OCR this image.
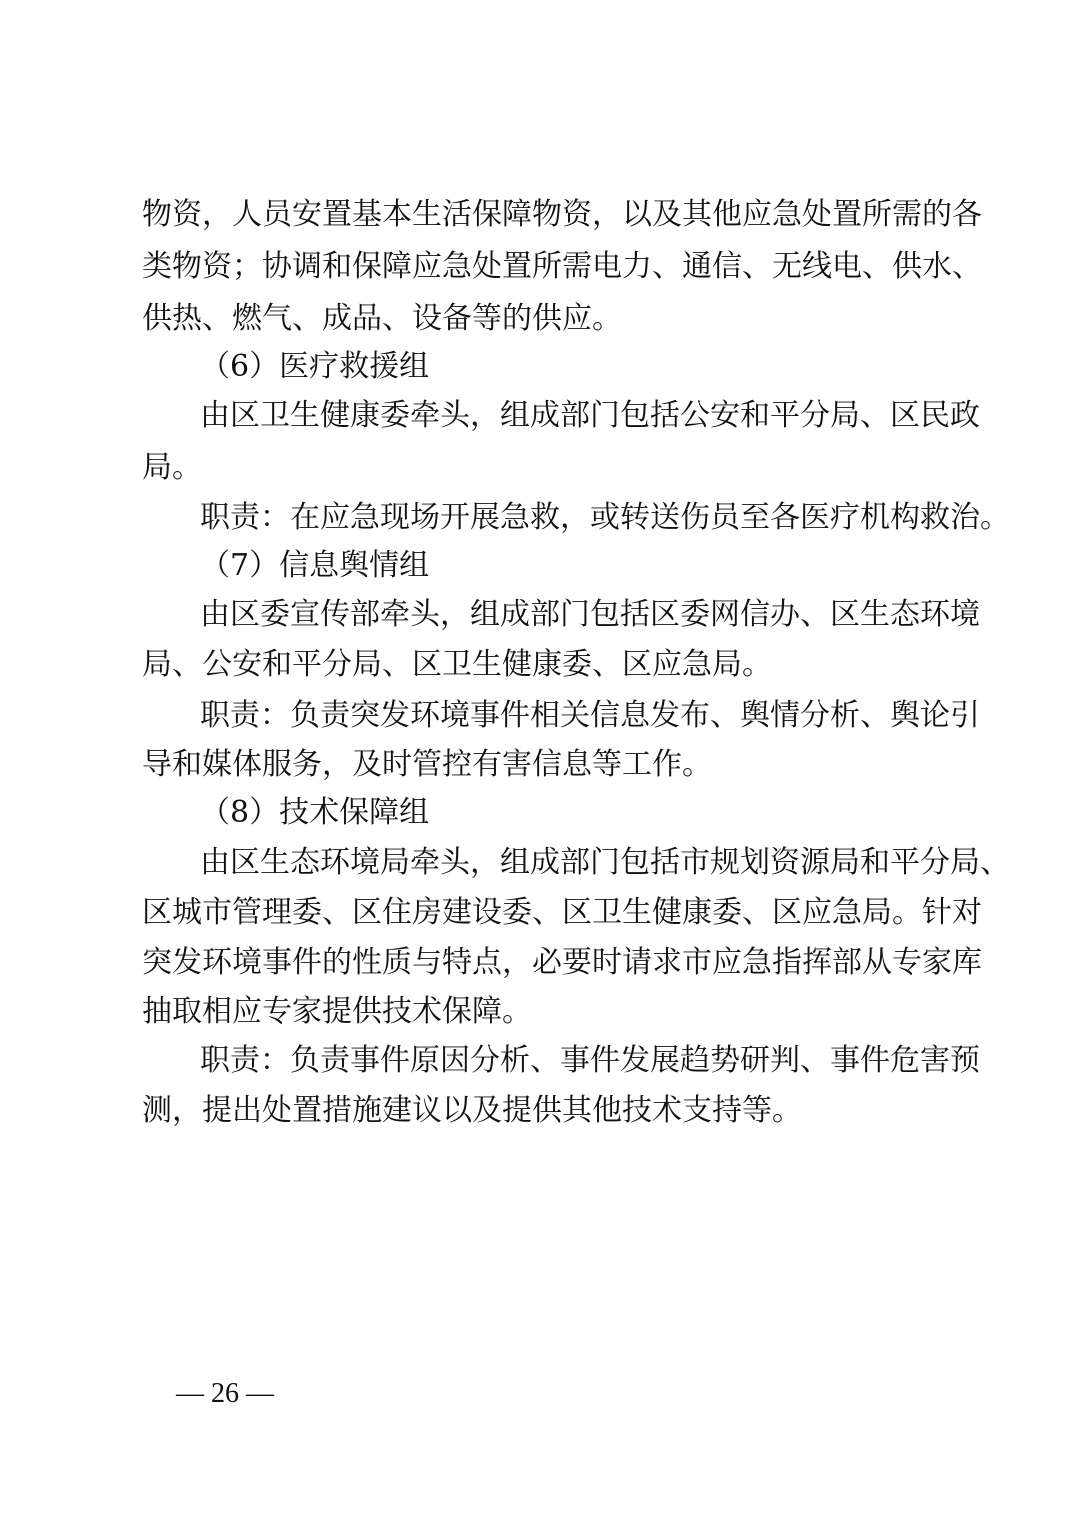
物资，人员安置基本生活保障物资，以及其他应急处置所需的各
类物资；协调和保障应急处置所需电力、通信、无线电、供水、
供热、燃气、成品、设备等的供应。
（6）医疗救援组
由区卫生健康委牵头，组成部门包括公安和平分局、区民政
局。
职责：在应急现场开展急救，或转送伤员至各医疗机构救治。
（7）信息舆情组
由区委宣传部牵头，组成部门包括区委网信办、区生态环境
局、公安和平分局、区卫生健康委、区应急局。
职责：负责突发环境事件相关信息发布、舆情分析、舆论引
导和媒体服务，及时管控有害信息等工作。
（8）技术保障组
由区生态环境局牵头，组成部门包括市规划资源局和平分局、
区城市管理委、区住房建设委、区卫生健康委、区应急局。针对
突发环境事件的性质与特点，必要时请求市应急指挥部从专家库
抽取相应专家提供技术保障。
职责：负责事件原因分析、事件发展趋势研判、事件危害预
测，提出处置措施建议以及提供其他技术支持等。
— 26 —
